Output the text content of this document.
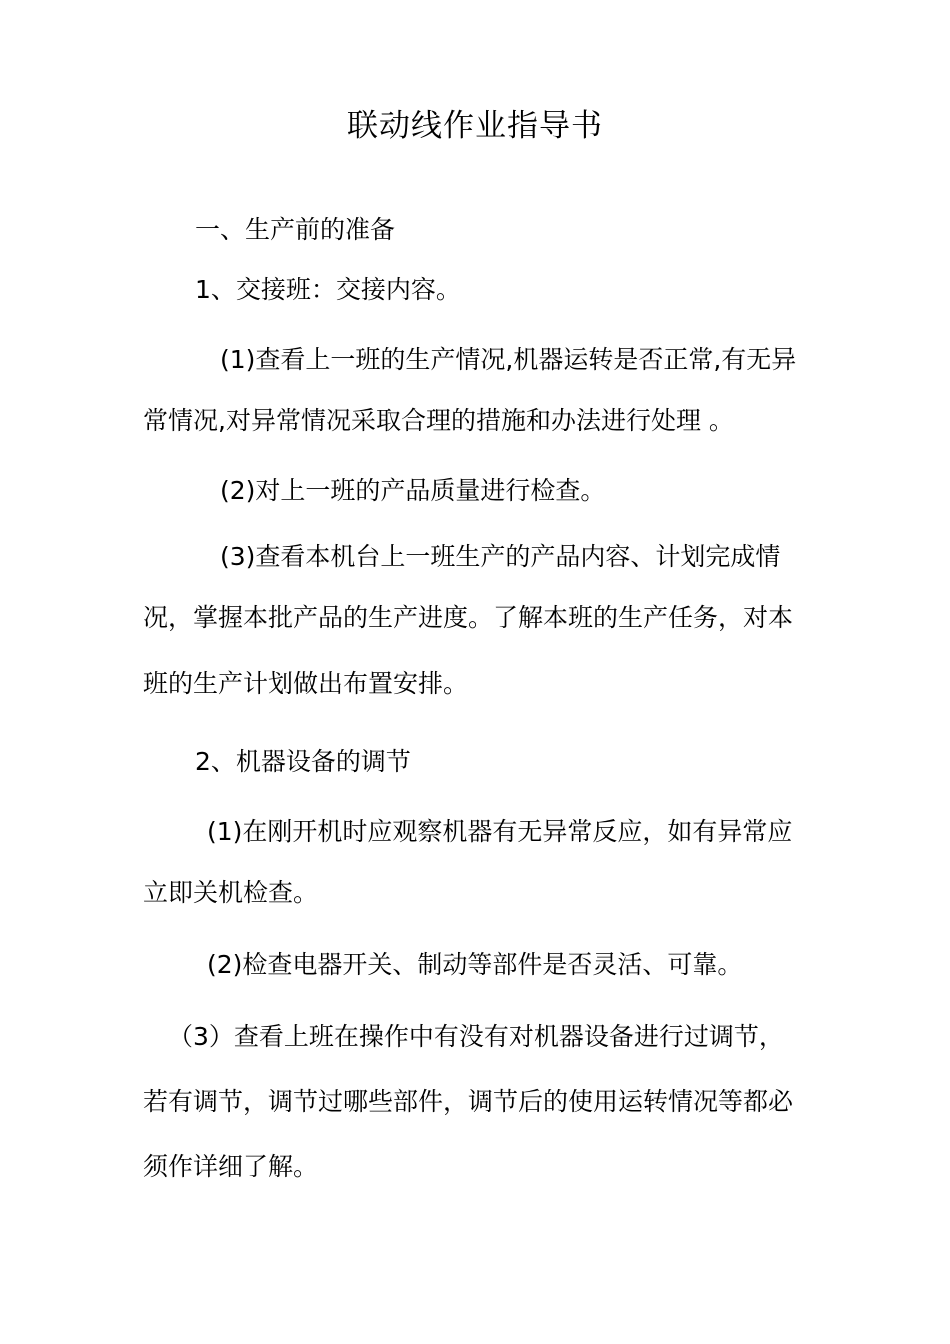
联动线作业指导书
一、生产前的准备
1、交接班：交接内容。
(1)查看上一班的生产情况,机器运转是否正常,有无异
常情况,对异常情况采取合理的措施和办法进行处理 。
(2)对上一班的产品质量进行检查。
(3)查看本机台上一班生产的产品内容、计划完成情
况，掌握本批产品的生产进度。了解本班的生产任务，对本
班的生产计划做出布置安排。
2、机器设备的调节
(1)在刚开机时应观察机器有无异常反应，如有异常应
立即关机检查。
(2)检查电器开关、制动等部件是否灵活、可靠。
（3）查看上班在操作中有没有对机器设备进行过调节，
若有调节，调节过哪些部件，调节后的使用运转情况等都必
须作详细了解。
